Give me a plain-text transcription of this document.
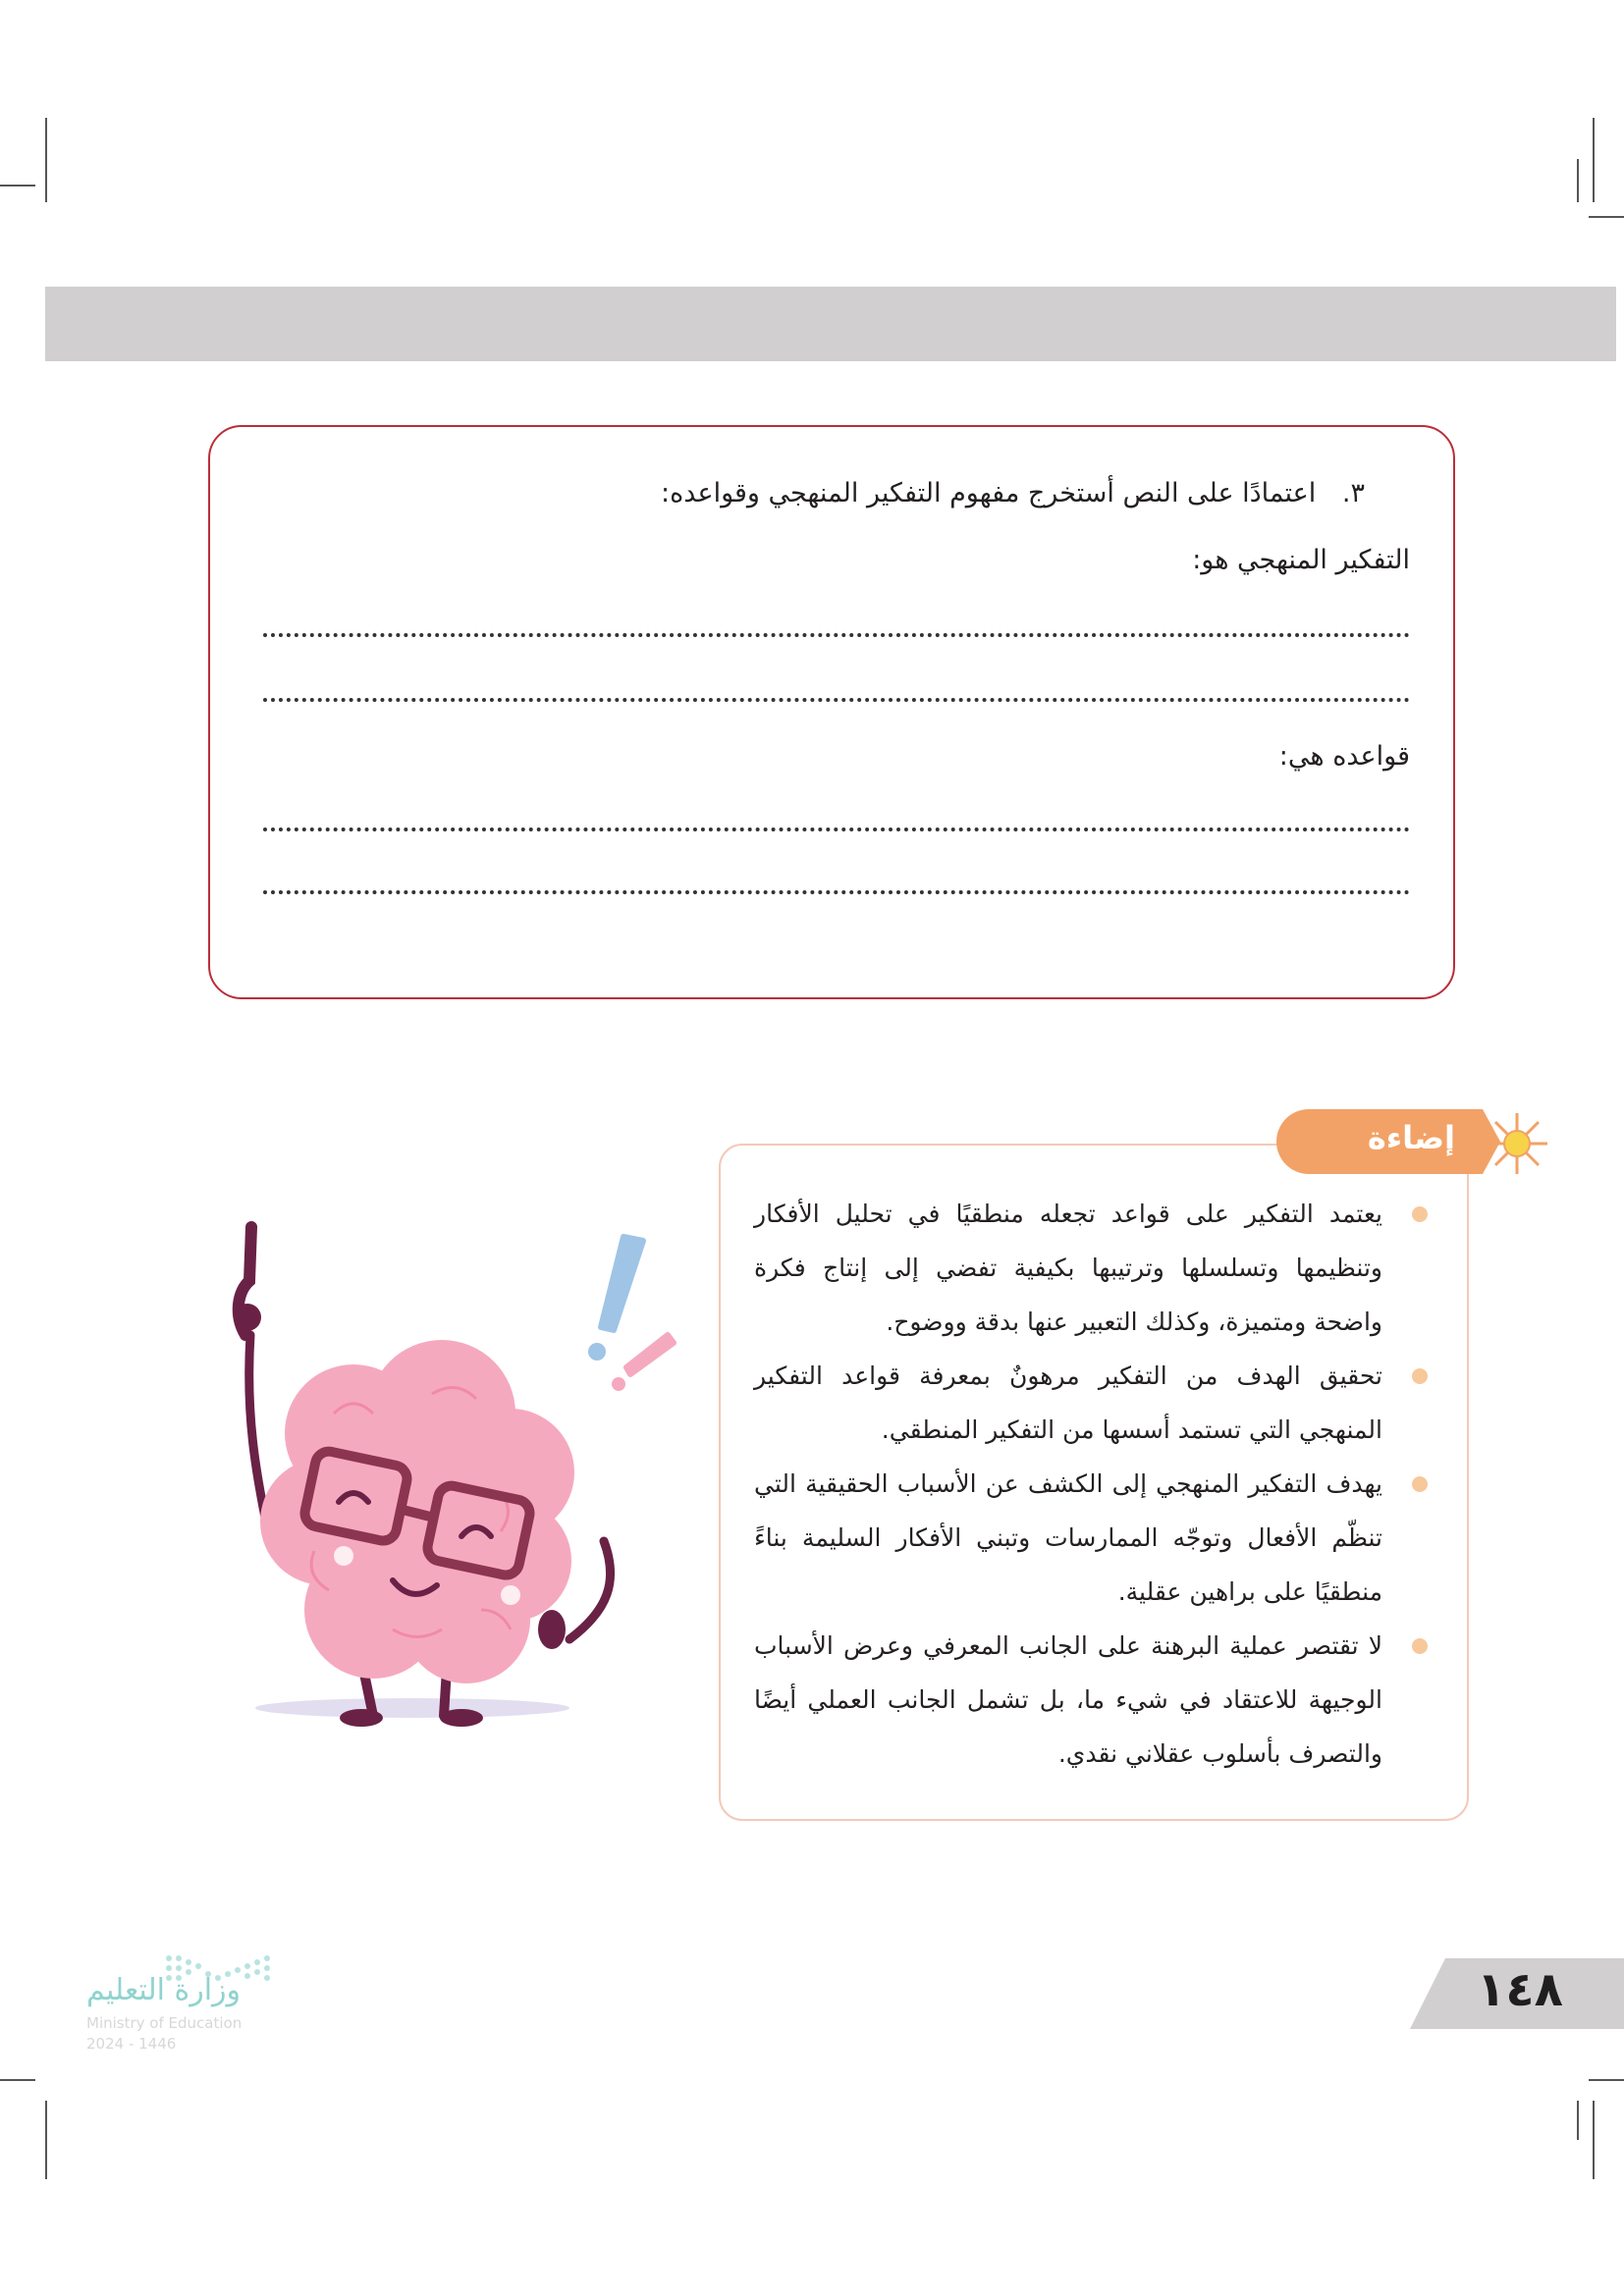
٣. اعتمادًا على النص أستخرج مفهوم التفكير المنهجي وقواعده:
التفكير المنهجي هو:
قواعده هي:
يعتمد التفكير على قواعد تجعله منطقيًا في تحليل الأفكار وتنظيمها وتسلسلها وترتيبها بكيفية تفضي إلى إنتاج فكرة واضحة ومتميزة، وكذلك التعبير عنها بدقة ووضوح.
تحقيق الهدف من التفكير مرهونٌ بمعرفة قواعد التفكير المنهجي التي تستمد أسسها من التفكير المنطقي.
يهدف التفكير المنهجي إلى الكشف عن الأسباب الحقيقية التي تنظّم الأفعال وتوجّه الممارسات وتبني الأفكار السليمة بناءً منطقيًا على براهين عقلية.
لا تقتصر عملية البرهنة على الجانب المعرفي وعرض الأسباب الوجيهة للاعتقاد في شيء ما، بل تشمل الجانب العملي أيضًا والتصرف بأسلوب عقلاني نقدي.
إضاءة
وزارة التعليم
Ministry of Education
2024 - 1446
١٤٨
